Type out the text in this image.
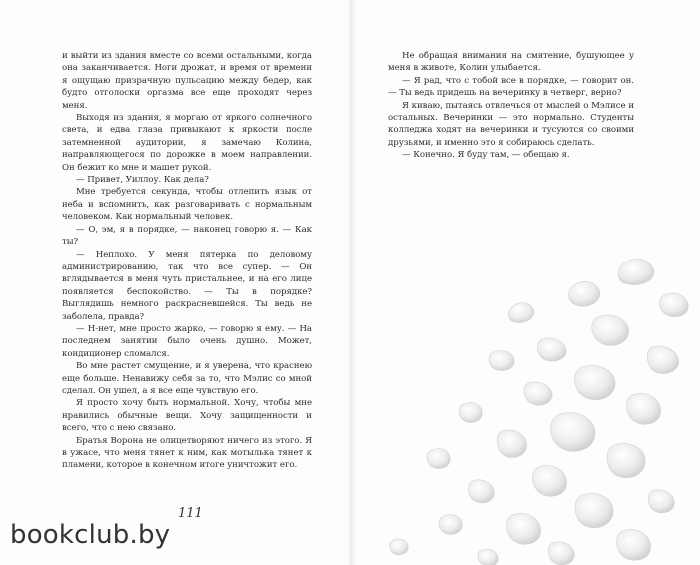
и выйти из здания вместе со всеми остальными, когда она заканчивается. Ноги дрожат, и время от времени я ощущаю призрачную пульсацию между бедер, как будто отголоски оргазма все еще проходят через меня.

Выходя из здания, я моргаю от яркого солнечного света, и едва глаза привыкают к яркости после затемненной аудитории, я замечаю Колина, направляющегося по дорожке в моем направлении. Он бежит ко мне и машет рукой.

— Привет, Уиллоу. Как дела?

Мне требуется секунда, чтобы отлепить язык от неба и вспомнить, как разговаривать с нормальным человеком. Как нормальный человек.

— О, эм, я в порядке, — наконец говорю я. — Как ты?

— Неплохо. У меня пятерка по деловому администрированию, так что все супер. — Он вглядывается в меня чуть пристальнее, и на его лице появляется беспокойство. — Ты в порядке? Выглядишь немного раскрасневшейся. Ты ведь не заболела, правда?

— Н-нет, мне просто жарко, — говорю я ему. — На последнем занятии было очень душно. Может, кондиционер сломался.

Во мне растет смущение, и я уверена, что краснею еще больше. Ненавижу себя за то, что Мэлис со мной сделал. Он ушел, а я все еще чувствую его.

Я просто хочу быть нормальной. Хочу, чтобы мне нравились обычные вещи. Хочу защищенности и всего, что с нею связано.

Братья Ворона не олицетворяют ничего из этого. Я в ужасе, что меня тянет к ним, как мотылька тянет к пламени, которое в конечном итоге уничтожит его.

111

Не обращая внимания на смятение, бушующее у меня в животе, Колин улыбается.

— Я рад, что с тобой все в порядке, — говорит он. — Ты ведь придешь на вечеринку в четверг, верно?

Я киваю, пытаясь отвлечься от мыслей о Мэлисе и остальных. Вечеринки — это нормально. Студенты колледжа ходят на вечеринки и тусуются со своими друзьями, и именно это я собираюсь сделать.

— Конечно. Я буду там, — обещаю я.

bookclub.by
